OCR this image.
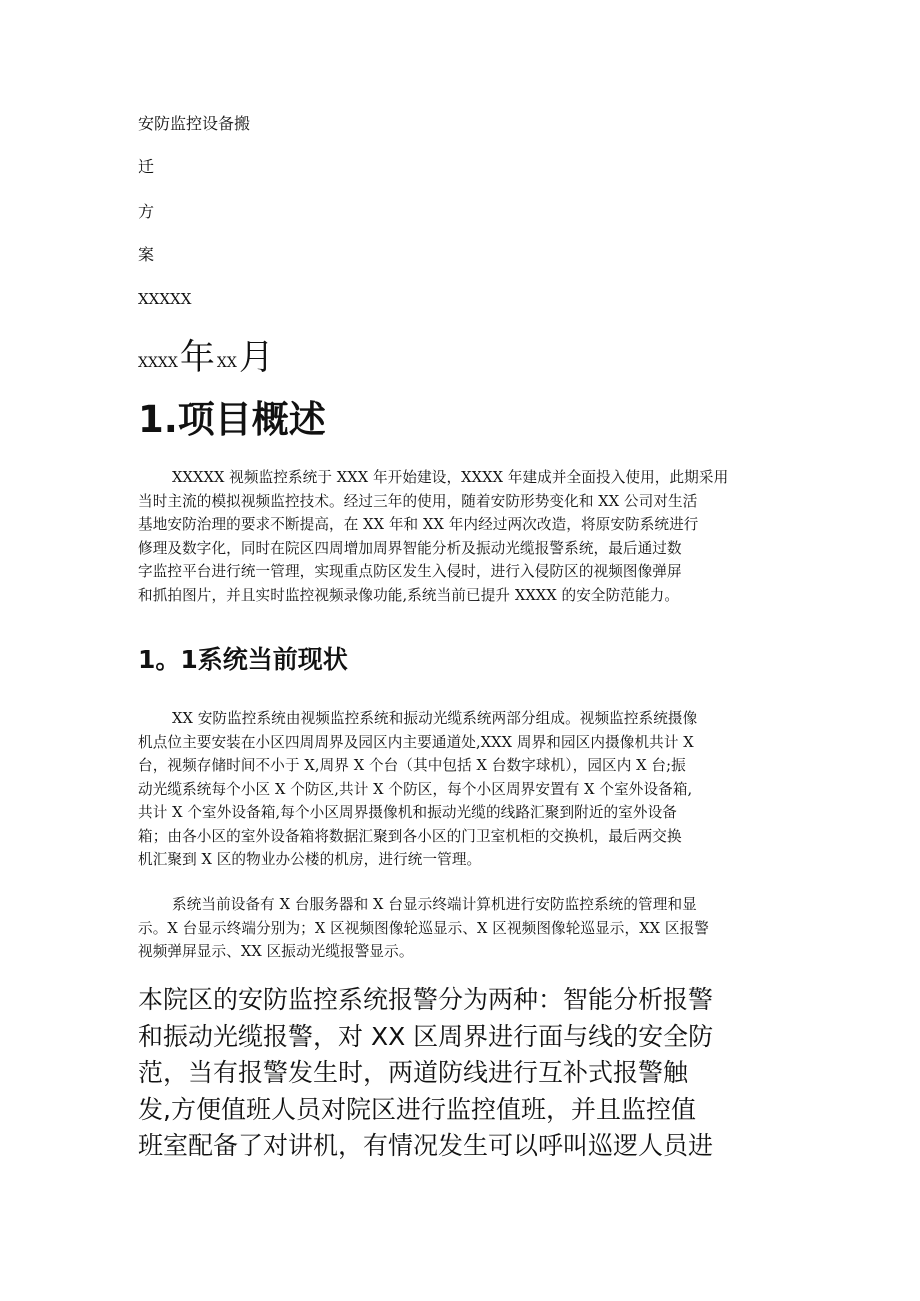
安防监控设备搬
迁
方
案
XXXXX
XXXX 年 XX 月
1.项目概述
XXXXX 视频监控系统于 XXX 年开始建设，XXXX 年建成并全面投入使用，此期采用
当时主流的模拟视频监控技术。经过三年的使用，随着安防形势变化和 XX 公司对生活
基地安防治理的要求不断提高，在 XX 年和 XX 年内经过两次改造，将原安防系统进行
修理及数字化，同时在院区四周增加周界智能分析及振动光缆报警系统，最后通过数
字监控平台进行统一管理，实现重点防区发生入侵时，进行入侵防区的视频图像弹屏
和抓拍图片，并且实时监控视频录像功能,系统当前已提升 XXXX 的安全防范能力。
1。1系统当前现状
XX 安防监控系统由视频监控系统和振动光缆系统两部分组成。视频监控系统摄像
机点位主要安装在小区四周周界及园区内主要通道处,XXX 周界和园区内摄像机共计 X
台，视频存储时间不小于 X,周界 X 个台（其中包括 X 台数字球机），园区内 X 台;振
动光缆系统每个小区 X 个防区,共计 X 个防区，每个小区周界安置有 X 个室外设备箱,
共计 X 个室外设备箱,每个小区周界摄像机和振动光缆的线路汇聚到附近的室外设备
箱；由各小区的室外设备箱将数据汇聚到各小区的门卫室机柜的交换机，最后两交换
机汇聚到 X 区的物业办公楼的机房，进行统一管理。
系统当前设备有 X 台服务器和 X 台显示终端计算机进行安防监控系统的管理和显
示。X 台显示终端分别为；X 区视频图像轮巡显示、X 区视频图像轮巡显示，XX 区报警
视频弹屏显示、XX 区振动光缆报警显示。
本院区的安防监控系统报警分为两种：智能分析报警
和振动光缆报警，对 XX 区周界进行面与线的安全防
范，当有报警发生时，两道防线进行互补式报警触
发,方便值班人员对院区进行监控值班，并且监控值
班室配备了对讲机，有情况发生可以呼叫巡逻人员进
